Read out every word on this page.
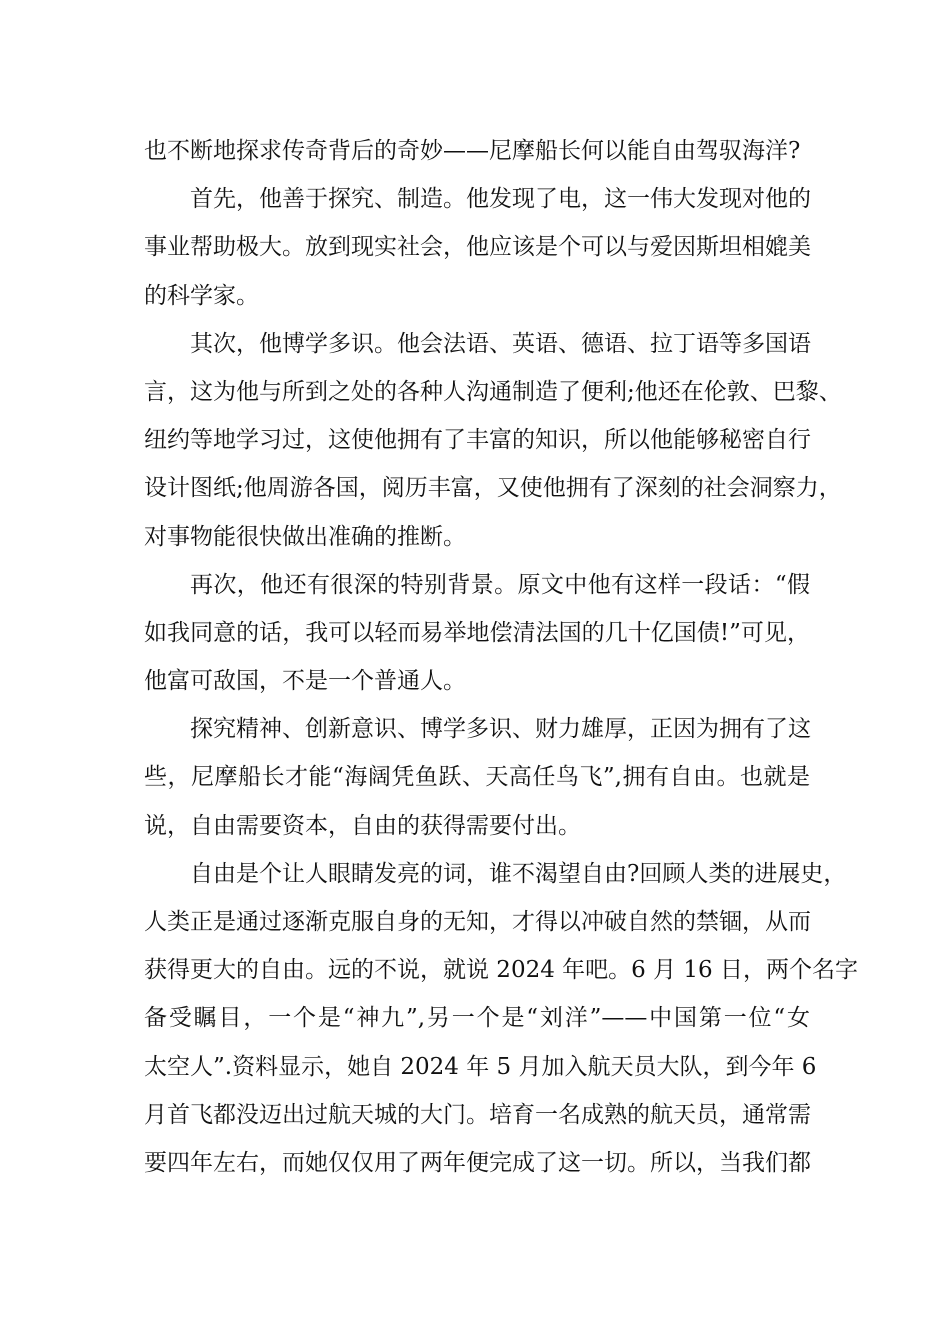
也不断地探求传奇背后的奇妙——尼摩船长何以能自由驾驭海洋?
首先，他善于探究、制造。他发现了电，这一伟大发现对他的
事业帮助极大。放到现实社会，他应该是个可以与爱因斯坦相媲美
的科学家。
其次，他博学多识。他会法语、英语、德语、拉丁语等多国语
言，这为他与所到之处的各种人沟通制造了便利;他还在伦敦、巴黎、
纽约等地学习过，这使他拥有了丰富的知识，所以他能够秘密自行
设计图纸;他周游各国，阅历丰富，又使他拥有了深刻的社会洞察力，
对事物能很快做出准确的推断。
再次，他还有很深的特别背景。原文中他有这样一段话：“假
如我同意的话，我可以轻而易举地偿清法国的几十亿国债!”可见，
他富可敌国，不是一个普通人。
探究精神、创新意识、博学多识、财力雄厚，正因为拥有了这
些，尼摩船长才能“海阔凭鱼跃、天高任鸟飞”,拥有自由。也就是
说，自由需要资本，自由的获得需要付出。
自由是个让人眼睛发亮的词，谁不渴望自由?回顾人类的进展史，
人类正是通过逐渐克服自身的无知，才得以冲破自然的禁锢，从而
获得更大的自由。远的不说，就说 2024 年吧。6 月 16 日，两个名字
备受瞩目，一个是“神九”,另一个是“刘洋”——中国第一位“女
太空人”.资料显示，她自 2024 年 5 月加入航天员大队，到今年 6
月首飞都没迈出过航天城的大门。培育一名成熟的航天员，通常需
要四年左右，而她仅仅用了两年便完成了这一切。所以，当我们都
